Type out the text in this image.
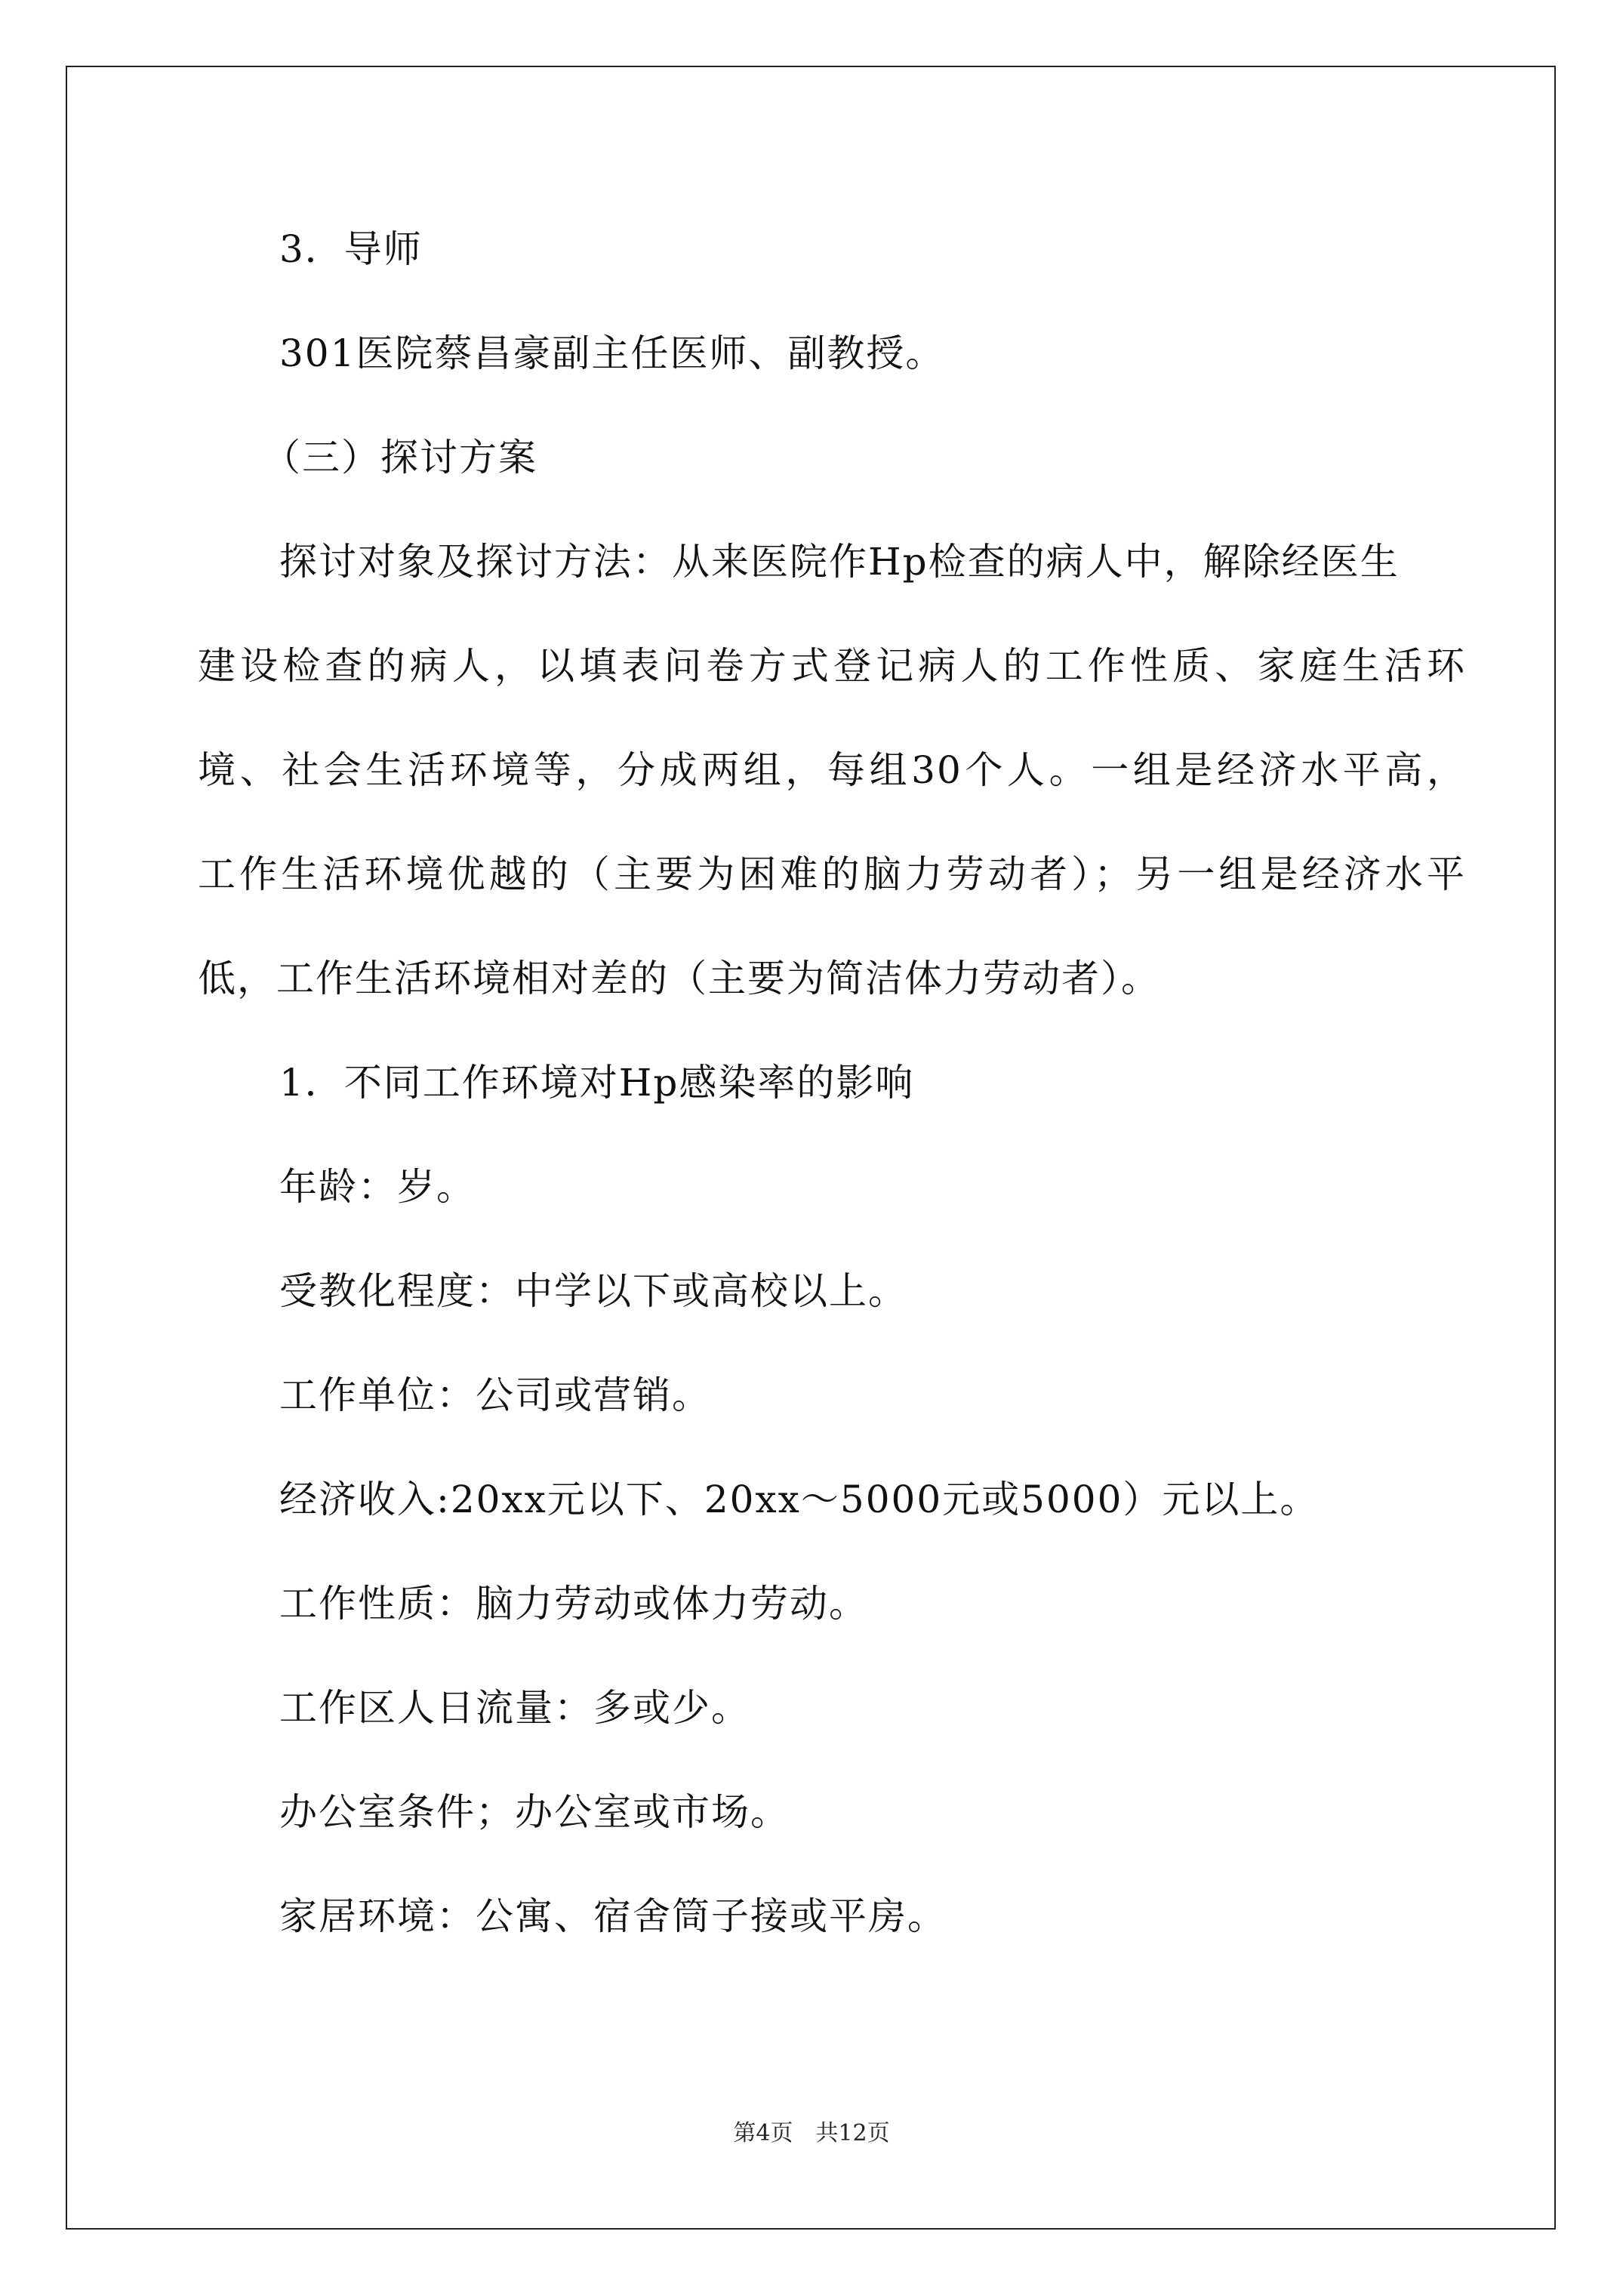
3．导师
301医院蔡昌豪副主任医师、副教授。
（三）探讨方案
探讨对象及探讨方法：从来医院作Hp检查的病人中，解除经医生
建设检查的病人，以填表问卷方式登记病人的工作性质、家庭生活环
境、社会生活环境等，分成两组，每组30个人。一组是经济水平高，
工作生活环境优越的（主要为困难的脑力劳动者）；另一组是经济水平
低，工作生活环境相对差的（主要为简洁体力劳动者）。
1．不同工作环境对Hp感染率的影响
年龄：岁。
受教化程度：中学以下或高校以上。
工作单位：公司或营销。
经济收入:20xx元以下、20xx～5000元或5000）元以上。
工作性质：脑力劳动或体力劳动。
工作区人日流量：多或少。
办公室条件；办公室或市场。
家居环境：公寓、宿舍筒子接或平房。
第4页　共12页
